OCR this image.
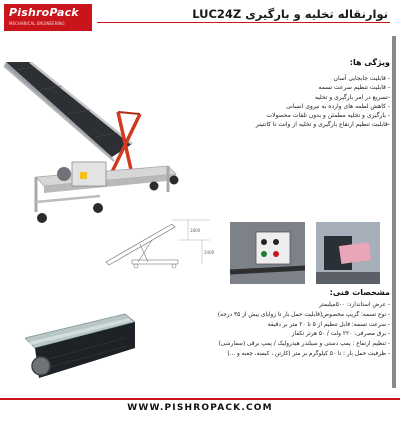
PishroPack
MECHANICAL ENGINEERING
نوارنقاله تخلیه و بارگیری LUC24Z
1800
2400
ویژگی ها:
- قابلیت جابجایی آسان
- قابلیت تنظیم سرعت تسمه
-تسریع در امر بارگیری و تخلیه
- کاهش لطمه های وارده به نیروی انسانی
- بارگیری و تخلیه مطمئن و بدون تلفات محصولات
-قابلیت تنظیم ارتفاع بارگیری و تخلیه از وانت تا کانتینر
مشخصات فنی:
- عرض استاندارد: ۵۰۰میلیمتر
- نوع تسمه: گریپ مخصوص(قابلیت حمل بار تا زوایای بیش از ۳۵ درجه)
- سرعت تسمه: قابل تنظیم از ۵ تا ۲۰ متر بر دقیقه
- برق مصرفی: ۲۲۰ ولت / ۵۰ هرتز تکفاز
- تنظیم ارتفاع : پمپ دستی و سیلندر هیدرولیک / پمپ برقی (سفارشی)
- ظرفیت حمل بار : تا ۵۰ کیلوگرم بر متر (کارتن ، کیسه، جعبه و ...)
WWW.PISHROPACK.COM
